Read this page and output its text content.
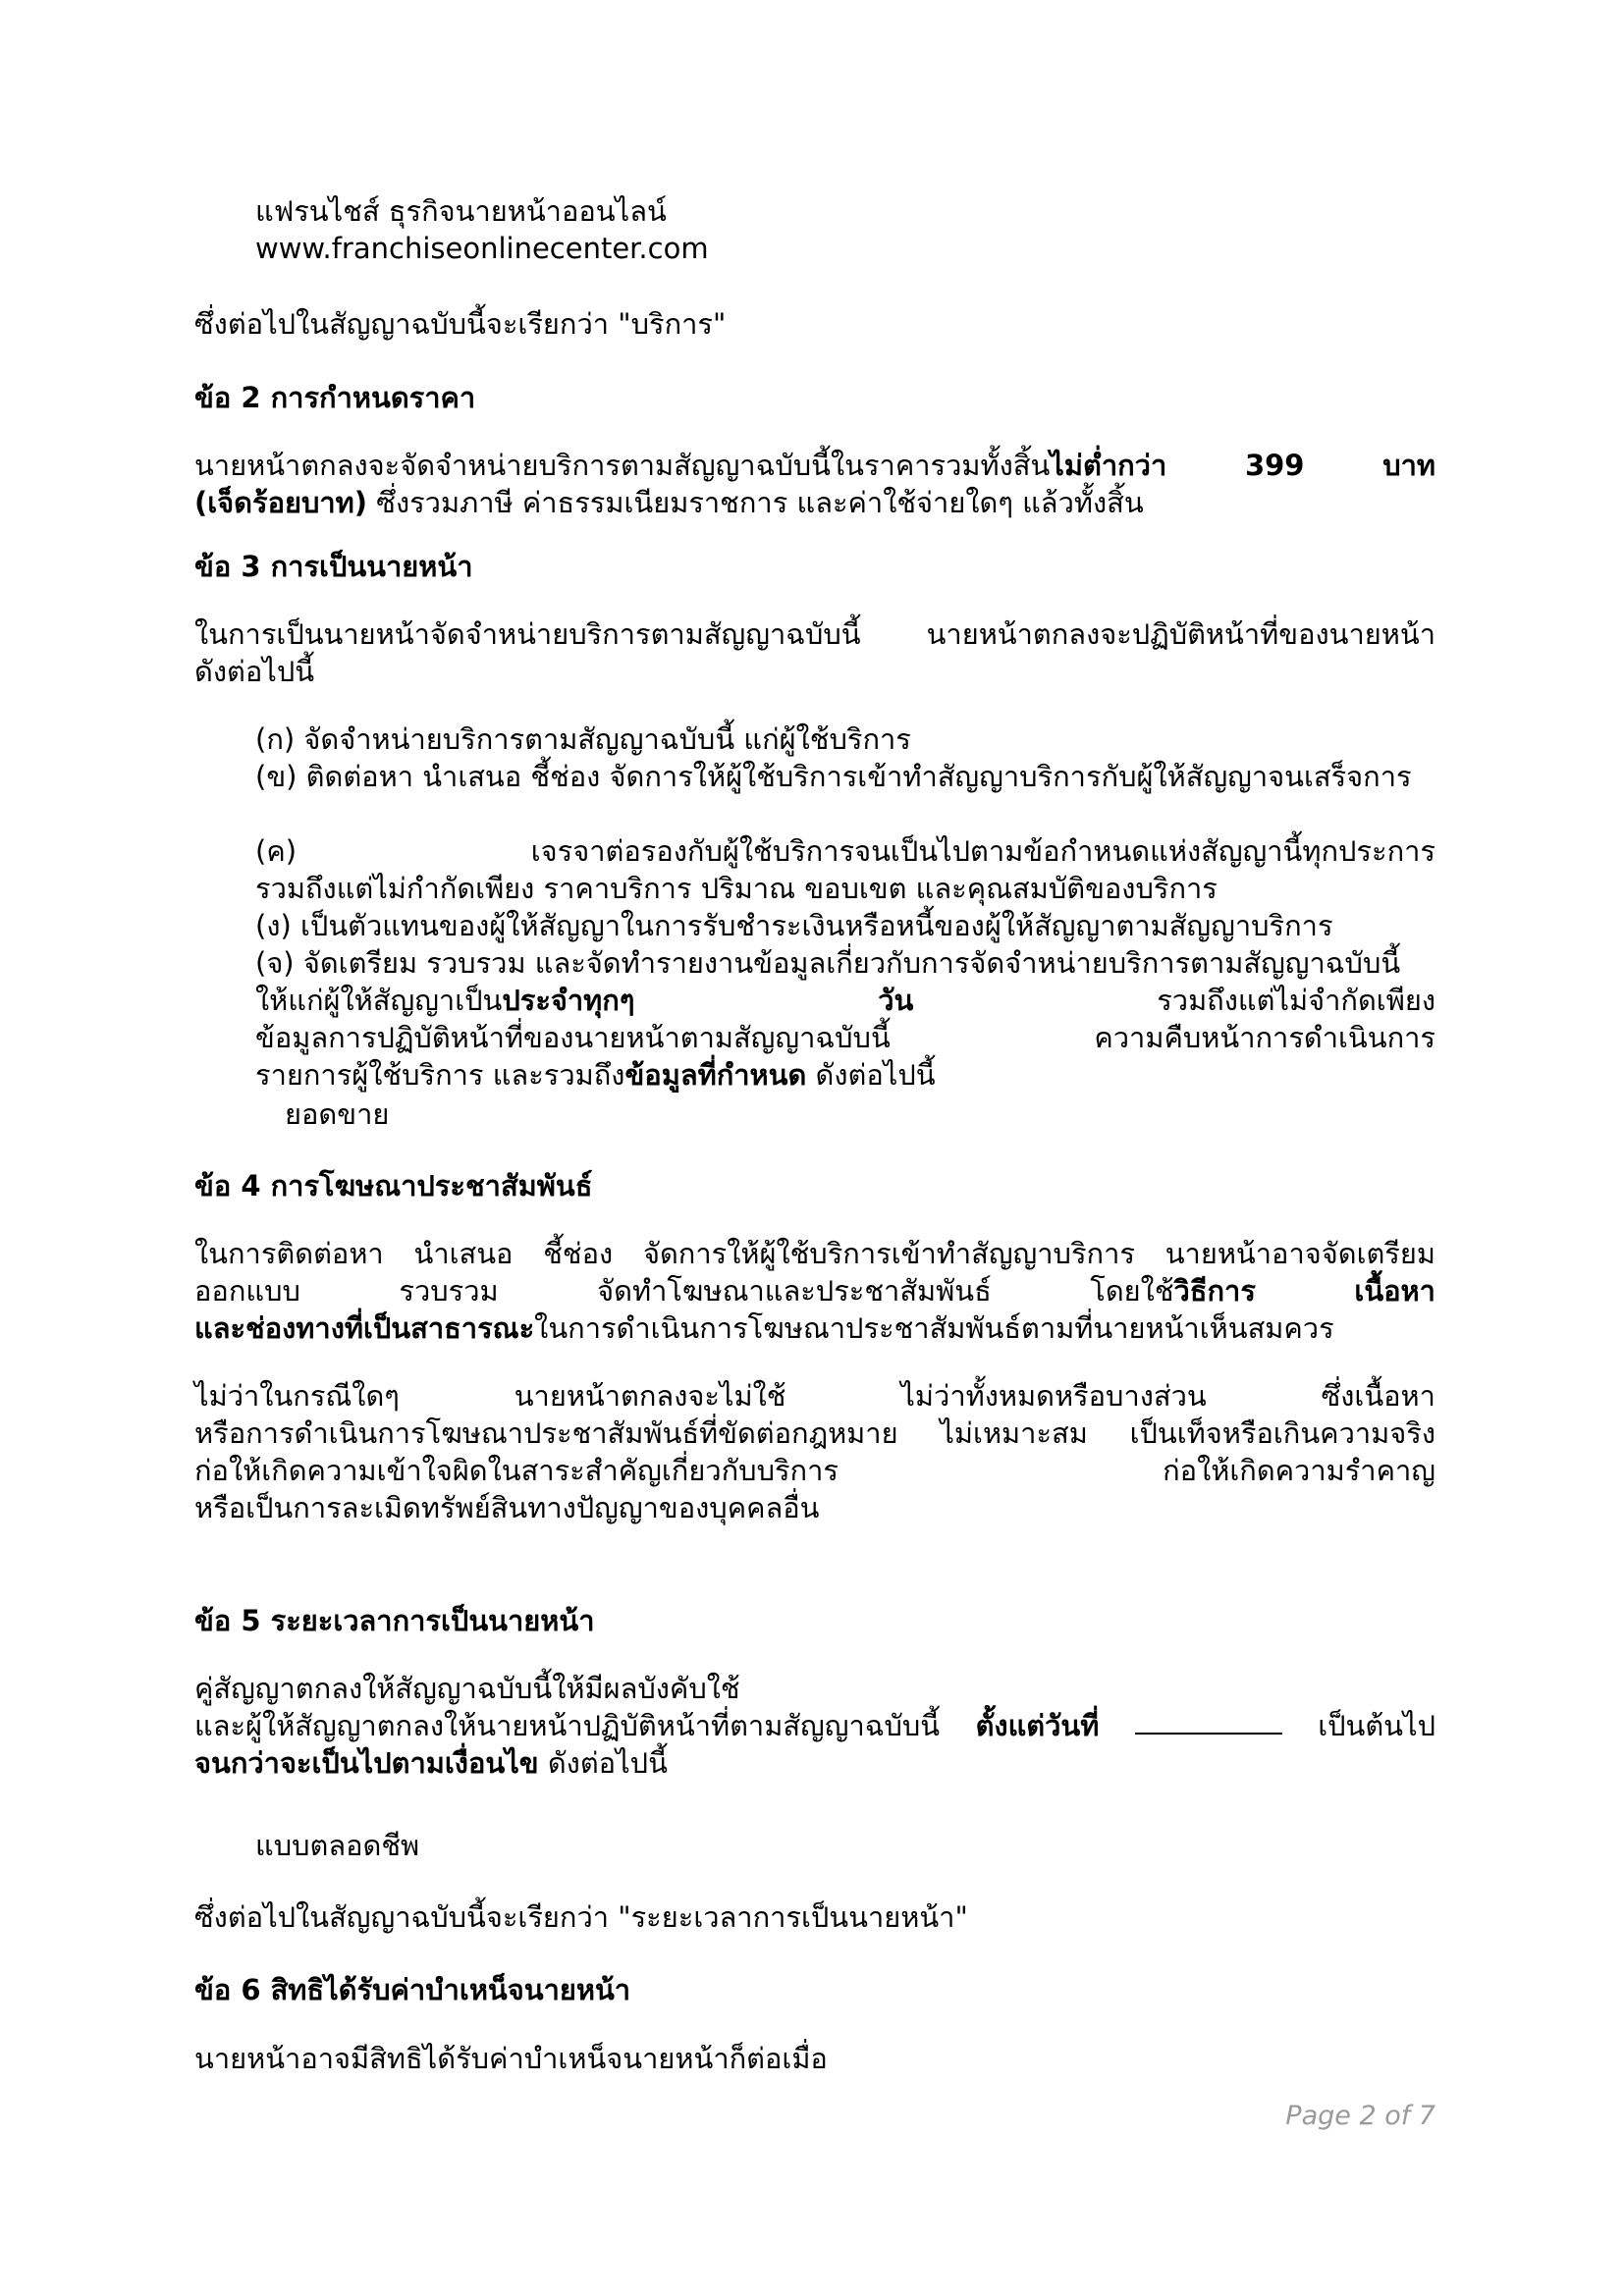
แฟรนไชส์ ธุรกิจนายหน้าออนไลน์
www.franchiseonlinecenter.com
ซึ่งต่อไปในสัญญาฉบับนี้จะเรียกว่า "บริการ"
ข้อ 2 การกำหนดราคา
นายหน้าตกลงจะจัดจำหน่ายบริการตามสัญญาฉบับนี้ในราคารวมทั้งสิ้นไม่ต่ำกว่า	399	บาท
(เจ็ดร้อยบาท) ซึ่งรวมภาษี ค่าธรรมเนียมราชการ และค่าใช้จ่ายใดๆ แล้วทั้งสิ้น
ข้อ 3 การเป็นนายหน้า
ในการเป็นนายหน้าจัดจำหน่ายบริการตามสัญญาฉบับนี้ นายหน้าตกลงจะปฏิบัติหน้าที่ของนายหน้า
ดังต่อไปนี้
(ก) จัดจำหน่ายบริการตามสัญญาฉบับนี้ แก่ผู้ใช้บริการ
(ข) ติดต่อหา นำเสนอ ชี้ช่อง จัดการให้ผู้ใช้บริการเข้าทำสัญญาบริการกับผู้ให้สัญญาจนเสร็จการ
(ค)	เจรจาต่อรองกับผู้ใช้บริการจนเป็นไปตามข้อกำหนดแห่งสัญญานี้ทุกประการ
รวมถึงแต่ไม่กำกัดเพียง ราคาบริการ ปริมาณ ขอบเขต และคุณสมบัติของบริการ
(ง) เป็นตัวแทนของผู้ให้สัญญาในการรับชำระเงินหรือหนี้ของผู้ให้สัญญาตามสัญญาบริการ
(จ) จัดเตรียม รวบรวม และจัดทำรายงานข้อมูลเกี่ยวกับการจัดจำหน่ายบริการตามสัญญาฉบับนี้
ให้แก่ผู้ให้สัญญาเป็นประจำทุกๆ	วัน	รวมถึงแต่ไม่จำกัดเพียง
ข้อมูลการปฏิบัติหน้าที่ของนายหน้าตามสัญญาฉบับนี้	ความคืบหน้าการดำเนินการ
รายการผู้ใช้บริการ และรวมถึงข้อมูลที่กำหนด ดังต่อไปนี้
ยอดขาย
ข้อ 4 การโฆษณาประชาสัมพันธ์
ในการติดต่อหา นำเสนอ ชี้ช่อง จัดการให้ผู้ใช้บริการเข้าทำสัญญาบริการ นายหน้าอาจจัดเตรียม
ออกแบบ	รวบรวม	จัดทำโฆษณาและประชาสัมพันธ์	โดยใช้วิธีการ	เนื้อหา
และช่องทางที่เป็นสาธารณะในการดำเนินการโฆษณาประชาสัมพันธ์ตามที่นายหน้าเห็นสมควร
ไม่ว่าในกรณีใดๆ	นายหน้าตกลงจะไม่ใช้	ไม่ว่าทั้งหมดหรือบางส่วน	ซึ่งเนื้อหา
หรือการดำเนินการโฆษณาประชาสัมพันธ์ที่ขัดต่อกฎหมาย ไม่เหมาะสม เป็นเท็จหรือเกินความจริง
ก่อให้เกิดความเข้าใจผิดในสาระสำคัญเกี่ยวกับบริการ	ก่อให้เกิดความรำคาญ
หรือเป็นการละเมิดทรัพย์สินทางปัญญาของบุคคลอื่น
ข้อ 5 ระยะเวลาการเป็นนายหน้า
คู่สัญญาตกลงให้สัญญาฉบับนี้ให้มีผลบังคับใช้
และผู้ให้สัญญาตกลงให้นายหน้าปฏิบัติหน้าที่ตามสัญญาฉบับนี้ ตั้งแต่วันที่	เป็นต้นไป
จนกว่าจะเป็นไปตามเงื่อนไข ดังต่อไปนี้
แบบตลอดชีพ
ซึ่งต่อไปในสัญญาฉบับนี้จะเรียกว่า "ระยะเวลาการเป็นนายหน้า"
ข้อ 6 สิทธิได้รับค่าบำเหน็จนายหน้า
นายหน้าอาจมีสิทธิได้รับค่าบำเหน็จนายหน้าก็ต่อเมื่อ
Page 2 of 7
